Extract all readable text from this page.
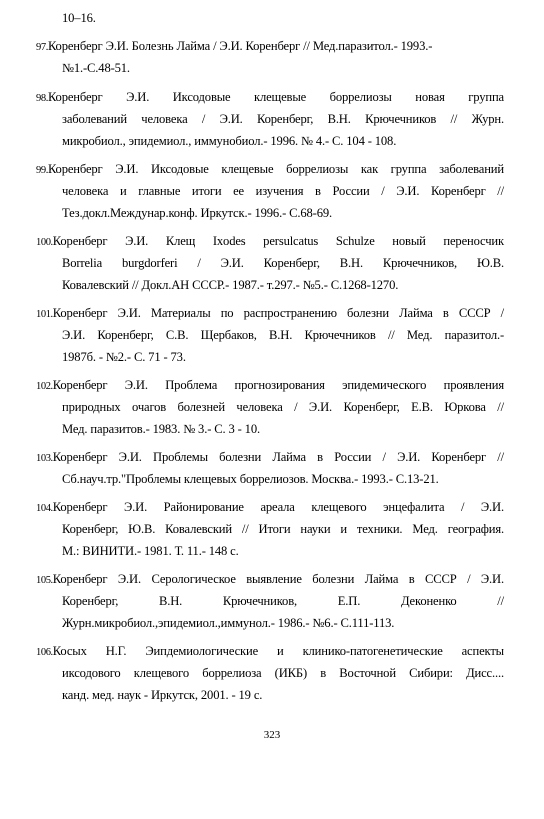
10–16.
97.Коренберг Э.И. Болезнь Лайма / Э.И. Коренберг // Мед.паразитол.- 1993.-
№1.-С.48-51.
98.Коренберг Э.И. Иксодовые клещевые боррелиозы новая группа
заболеваний человека / Э.И. Коренберг, В.Н. Крючечников // Журн.
микробиол., эпидемиол., иммунобиол.- 1996. № 4.- С. 104 - 108.
99.Коренберг Э.И. Иксодовые клещевые боррелиозы как группа заболеваний
человека и главные итоги ее изучения в России / Э.И. Коренберг //
Тез.докл.Междунар.конф. Иркутск.- 1996.- С.68-69.
100.Коренберг Э.И. Клещ Ixodes persulcatus Schulze новый переносчик
Borrelia burgdorferi / Э.И. Коренберг, В.Н. Крючечников, Ю.В.
Ковалевский // Докл.АН СССР.- 1987.- т.297.- №5.- С.1268-1270.
101.Коренберг Э.И. Материалы по распространению болезни Лайма в СССР /
Э.И. Коренберг, С.В. Щербаков, В.Н. Крючечников // Мед. паразитол.-
1987б. - №2.- С. 71 - 73.
102.Коренберг Э.И. Проблема прогнозирования эпидемического проявления
природных очагов болезней человека / Э.И. Коренберг, Е.В. Юркова //
Мед. паразитов.- 1983. № 3.- С. 3 - 10.
103.Коренберг Э.И. Проблемы болезни Лайма в России / Э.И. Коренберг //
Сб.науч.тр."Проблемы клещевых боррелиозов. Москва.- 1993.- С.13-21.
104.Коренберг Э.И. Районирование ареала клещевого энцефалита / Э.И.
Коренберг, Ю.В. Ковалевский // Итоги науки и техники. Мед. география.
М.: ВИНИТИ.- 1981. Т. 11.- 148 с.
105.Коренберг Э.И. Серологическое выявление болезни Лайма в СССР / Э.И.
Коренберг, В.Н. Крючечников, Е.П. Деконенко //
Журн.микробиол.,эпидемиол.,иммунол.- 1986.- №6.- С.111-113.
106.Косых Н.Г. Эипдемиологические и клинико-патогенетические аспекты
иксодового клещевого боррелиоза (ИКБ) в Восточной Сибири: Дисс....
канд. мед. наук - Иркутск, 2001. - 19 с.
323
